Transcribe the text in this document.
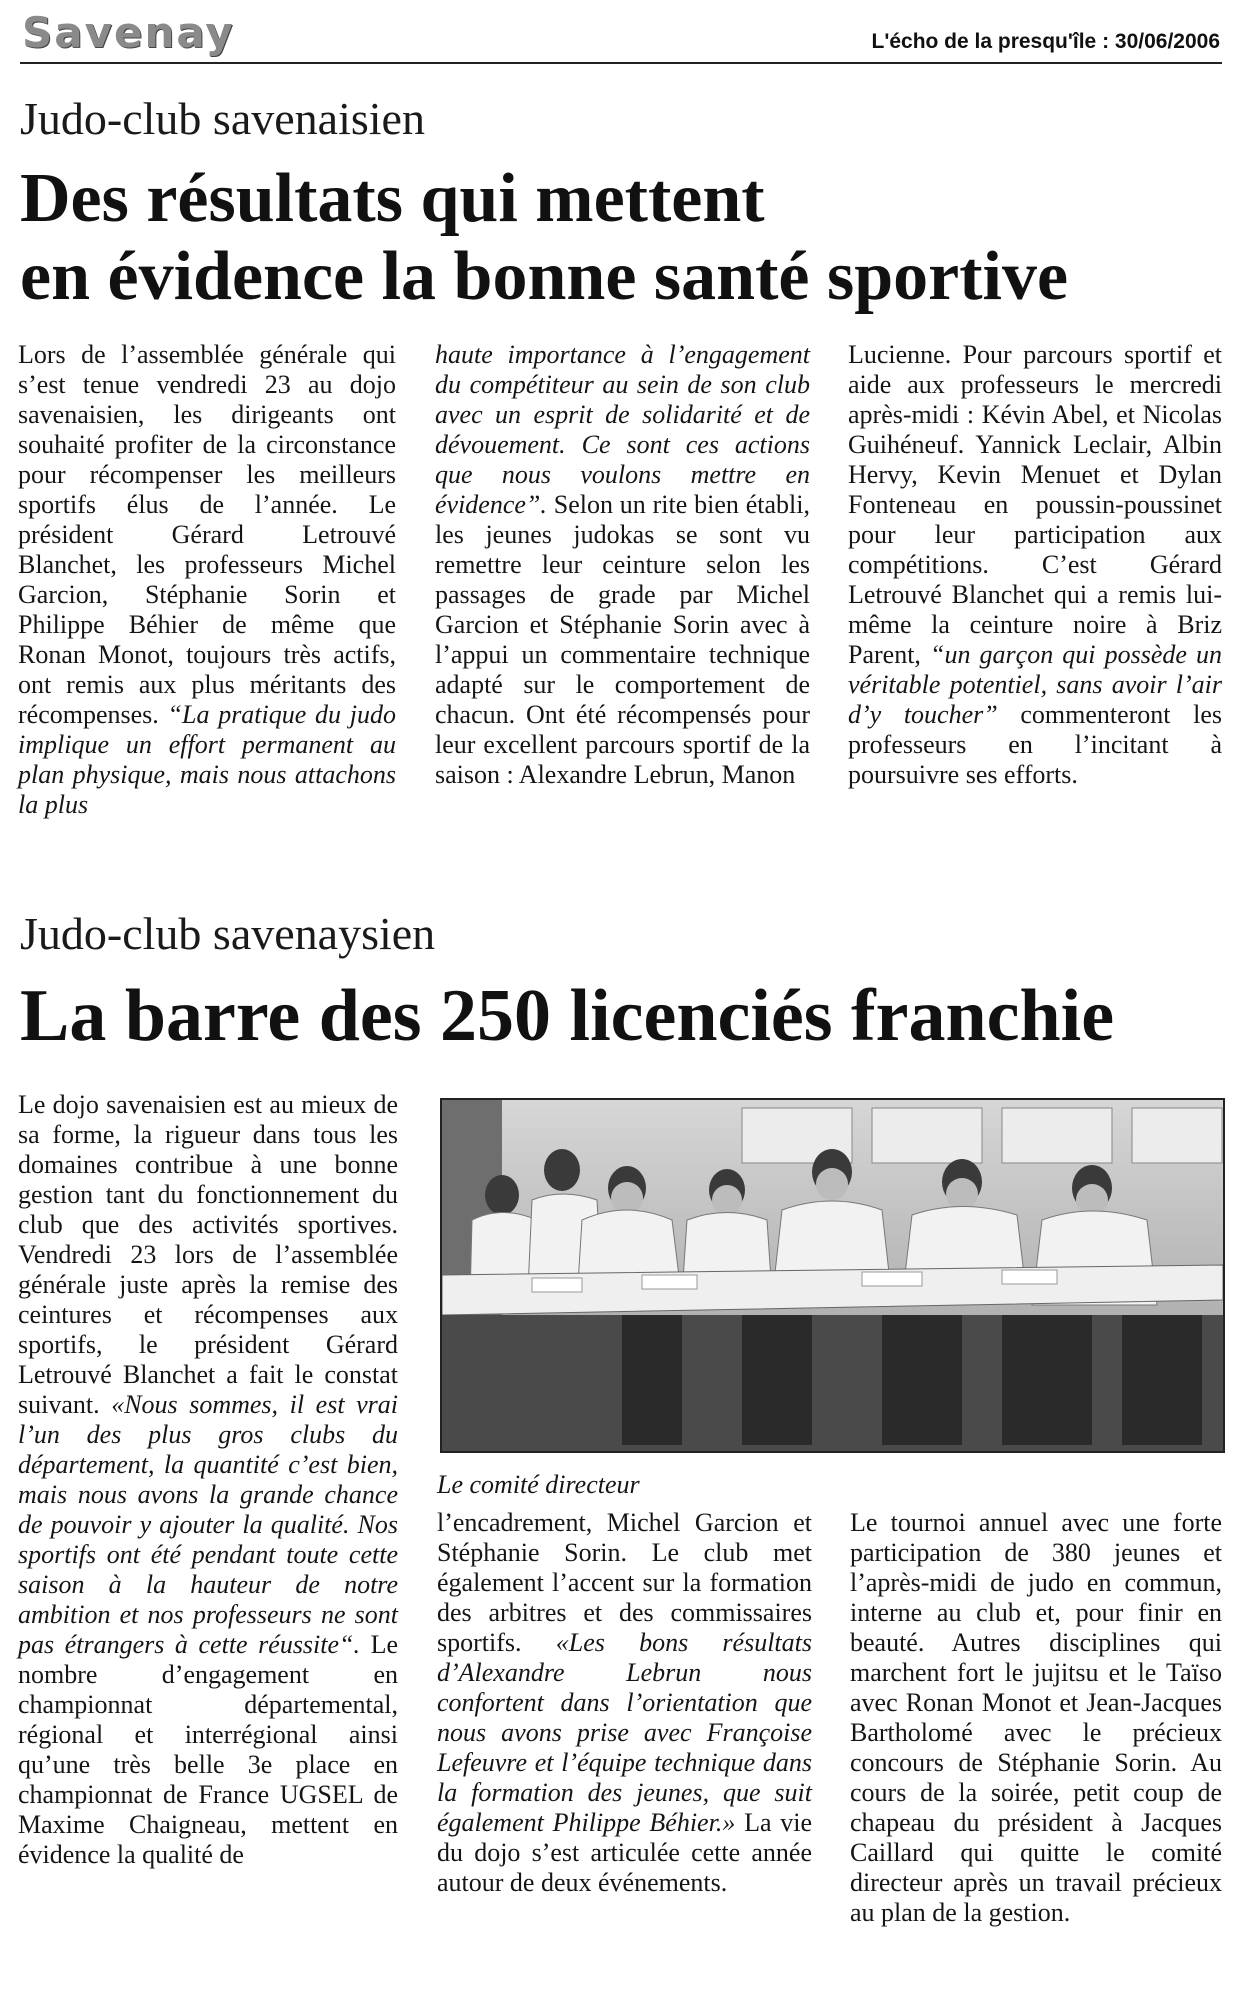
Savenay	L'écho de la presqu'île : 30/06/2006
Judo-club savenaisien
Des résultats qui mettent
en évidence la bonne santé sportive

Lors de l’assemblée générale qui s’est tenue vendredi 23 au dojo savenaisien, les dirigeants ont souhaité profiter de la circonstance pour récompenser les meilleurs sportifs élus de l’année. Le président Gérard Letrouvé Blanchet, les professeurs Michel Garcion, Stéphanie Sorin et Philippe Béhier de même que Ronan Monot, toujours très actifs, ont remis aux plus méritants des récompenses. “La pratique du judo implique un effort permanent au plan physique, mais nous attachons la plus

haute importance à l’engagement du compétiteur au sein de son club avec un esprit de solidarité et de dévouement. Ce sont ces actions que nous voulons mettre en évidence”. Selon un rite bien établi, les jeunes judokas se sont vu remettre leur ceinture selon les passages de grade par Michel Garcion et Stéphanie Sorin avec à l’appui un commentaire technique adapté sur le comportement de chacun. Ont été récompensés pour leur excellent parcours sportif de la saison : Alexandre Lebrun, Manon

Lucienne. Pour parcours sportif et aide aux professeurs le mercredi après-midi : Kévin Abel, et Nicolas Guihéneuf. Yannick Leclair, Albin Hervy, Kevin Menuet et Dylan Fonteneau en poussin-poussinet pour leur participation aux compétitions. C’est Gérard Letrouvé Blanchet qui a remis lui-même la ceinture noire à Briz Parent, “un garçon qui possède un véritable potentiel, sans avoir l’air d’y toucher” commenteront les professeurs en l’incitant à poursuivre ses efforts.

Judo-club savenaysien
La barre des 250 licenciés franchie

Le dojo savenaisien est au mieux de sa forme, la rigueur dans tous les domaines contribue à une bonne gestion tant du fonctionnement du club que des activités sportives. Vendredi 23 lors de l’assemblée générale juste après la remise des ceintures et récompenses aux sportifs, le président Gérard Letrouvé Blanchet a fait le constat suivant. «Nous sommes, il est vrai l’un des plus gros clubs du département, la quantité c’est bien, mais nous avons la grande chance de pouvoir y ajouter la qualité. Nos sportifs ont été pendant toute cette saison à la hauteur de notre ambition et nos professeurs ne sont pas étrangers à cette réussite“. Le nombre d’engagement en championnat départemental, régional et interrégional ainsi qu’une très belle 3e place en championnat de France UGSEL de Maxime Chaigneau, mettent en évidence la qualité de

Le comité directeur

l’encadrement, Michel Garcion et Stéphanie Sorin. Le club met également l’accent sur la formation des arbitres et des commissaires sportifs. «Les bons résultats d’Alexandre Lebrun nous confortent dans l’orientation que nous avons prise avec Françoise Lefeuvre et l’équipe technique dans la formation des jeunes, que suit également Philippe Béhier.» La vie du dojo s’est articulée cette année autour de deux événements.

Le tournoi annuel avec une forte participation de 380 jeunes et l’après-midi de judo en commun, interne au club et, pour finir en beauté. Autres disciplines qui marchent fort le jujitsu et le Taïso avec Ronan Monot et Jean-Jacques Bartholomé avec le précieux concours de Stéphanie Sorin. Au cours de la soirée, petit coup de chapeau du président à Jacques Caillard qui quitte le comité directeur après un travail précieux au plan de la gestion.
